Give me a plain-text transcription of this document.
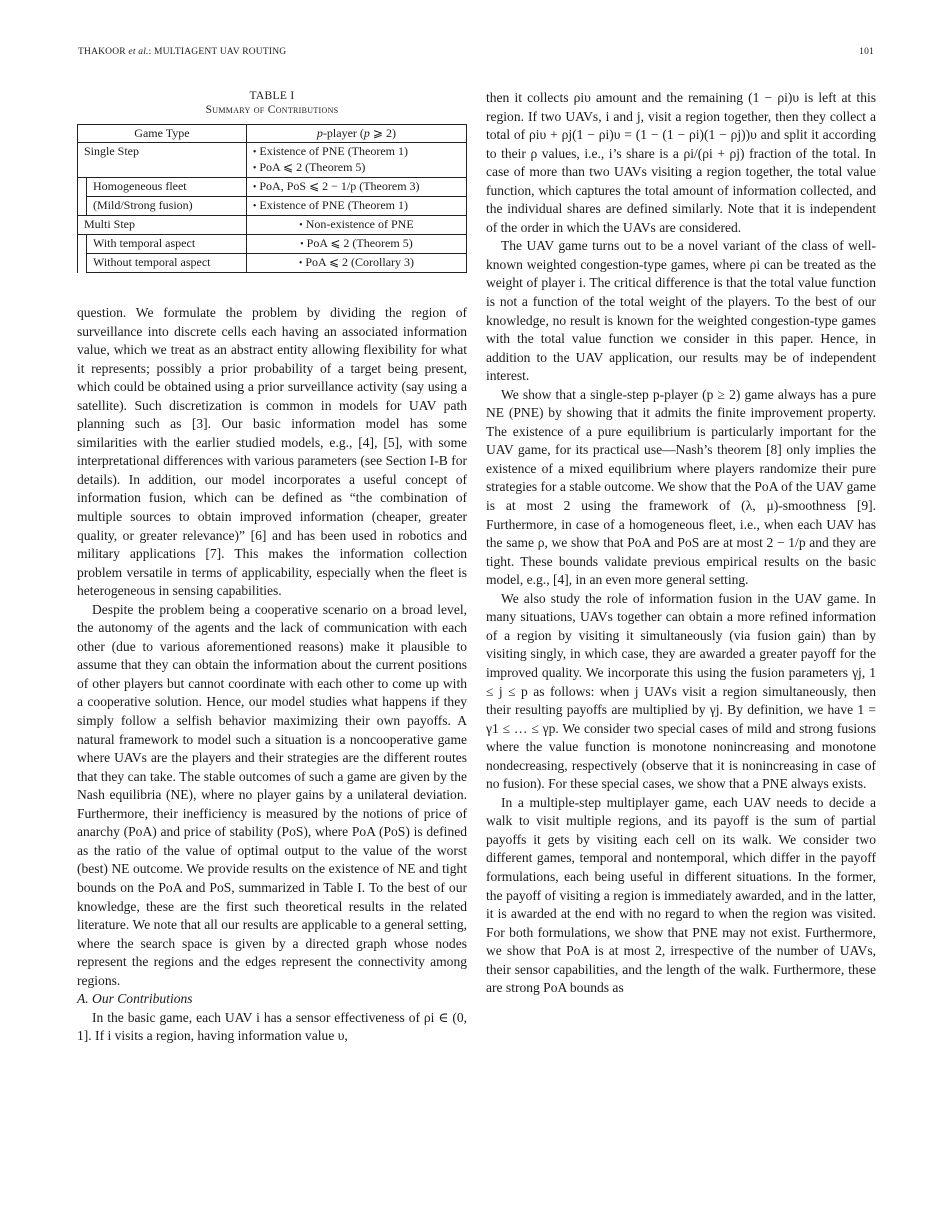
THAKOOR et al.: MULTIAGENT UAV ROUTING	101
TABLE I
Summary of Contributions
Game Type		p-player (p ⩾ 2)
Single Step		• Existence of PNE (Theorem 1)
• PoA ⩽ 2 (Theorem 5)

	Homogeneous fleet	• PoA, PoS ⩽ 2 − 1/p (Theorem 3)
	(Mild/Strong fusion)	• Existence of PNE (Theorem 1)
Multi Step		• Non-existence of PNE
	With temporal aspect	• PoA ⩽ 2 (Theorem 5)
	Without temporal aspect	• PoA ⩽ 2 (Corollary 3)

question. We formulate the problem by dividing the region of surveillance into discrete cells each having an associated information value, which we treat as an abstract entity allowing flexibility for what it represents; possibly a prior probability of a target being present, which could be obtained using a prior surveillance activity (say using a satellite). Such discretization is common in models for UAV path planning such as [3]. Our basic information model has some similarities with the earlier studied models, e.g., [4], [5], with some interpretational differences with various parameters (see Section I-B for details). In addition, our model incorporates a useful concept of information fusion, which can be defined as “the combination of multiple sources to obtain improved information (cheaper, greater quality, or greater relevance)” [6] and has been used in robotics and military applications [7]. This makes the information collection problem versatile in terms of applicability, especially when the fleet is heterogeneous in sensing capabilities.

Despite the problem being a cooperative scenario on a broad level, the autonomy of the agents and the lack of communication with each other (due to various aforementioned reasons) make it plausible to assume that they can obtain the information about the current positions of other players but cannot coordinate with each other to come up with a cooperative solution. Hence, our model studies what happens if they simply follow a selfish behavior maximizing their own payoffs. A natural framework to model such a situation is a noncooperative game where UAVs are the players and their strategies are the different routes that they can take. The stable outcomes of such a game are given by the Nash equilibria (NE), where no player gains by a unilateral deviation. Furthermore, their inefficiency is measured by the notions of price of anarchy (PoA) and price of stability (PoS), where PoA (PoS) is defined as the ratio of the value of optimal output to the value of the worst (best) NE outcome. We provide results on the existence of NE and tight bounds on the PoA and PoS, summarized in Table I. To the best of our knowledge, these are the first such theoretical results in the related literature. We note that all our results are applicable to a general setting, where the search space is given by a directed graph whose nodes represent the regions and the edges represent the connectivity among regions.

A. Our Contributions

In the basic game, each UAV i has a sensor effectiveness of ρi ∈ (0, 1]. If i visits a region, having information value υ,

then it collects ρiυ amount and the remaining (1 − ρi)υ is left at this region. If two UAVs, i and j, visit a region together, then they collect a total of ρiυ + ρj(1 − ρi)υ = (1 − (1 − ρi)(1 − ρj))υ and split it according to their ρ values, i.e., i’s share is a ρi/(ρi + ρj) fraction of the total. In case of more than two UAVs visiting a region together, the total value function, which captures the total amount of information collected, and the individual shares are defined similarly. Note that it is independent of the order in which the UAVs are considered.

The UAV game turns out to be a novel variant of the class of well-known weighted congestion-type games, where ρi can be treated as the weight of player i. The critical difference is that the total value function is not a function of the total weight of the players. To the best of our knowledge, no result is known for the weighted congestion-type games with the total value function we consider in this paper. Hence, in addition to the UAV application, our results may be of independent interest.

We show that a single-step p-player (p ≥ 2) game always has a pure NE (PNE) by showing that it admits the finite improvement property. The existence of a pure equilibrium is particularly important for the UAV game, for its practical use—Nash’s theorem [8] only implies the existence of a mixed equilibrium where players randomize their pure strategies for a stable outcome. We show that the PoA of the UAV game is at most 2 using the framework of (λ, μ)-smoothness [9]. Furthermore, in case of a homogeneous fleet, i.e., when each UAV has the same ρ, we show that PoA and PoS are at most 2 − 1/p and they are tight. These bounds validate previous empirical results on the basic model, e.g., [4], in an even more general setting.

We also study the role of information fusion in the UAV game. In many situations, UAVs together can obtain a more refined information of a region by visiting it simultaneously (via fusion gain) than by visiting singly, in which case, they are awarded a greater payoff for the improved quality. We incorporate this using the fusion parameters γj, 1 ≤ j ≤ p as follows: when j UAVs visit a region simultaneously, then their resulting payoffs are multiplied by γj. By definition, we have 1 = γ1 ≤ … ≤ γp. We consider two special cases of mild and strong fusions where the value function is monotone nonincreasing and monotone nondecreasing, respectively (observe that it is nonincreasing in case of no fusion). For these special cases, we show that a PNE always exists.

In a multiple-step multiplayer game, each UAV needs to decide a walk to visit multiple regions, and its payoff is the sum of partial payoffs it gets by visiting each cell on its walk. We consider two different games, temporal and nontemporal, which differ in the payoff formulations, each being useful in different situations. In the former, the payoff of visiting a region is immediately awarded, and in the latter, it is awarded at the end with no regard to when the region was visited. For both formulations, we show that PNE may not exist. Furthermore, we show that PoA is at most 2, irrespective of the number of UAVs, their sensor capabilities, and the length of the walk. Furthermore, these are strong PoA bounds as
